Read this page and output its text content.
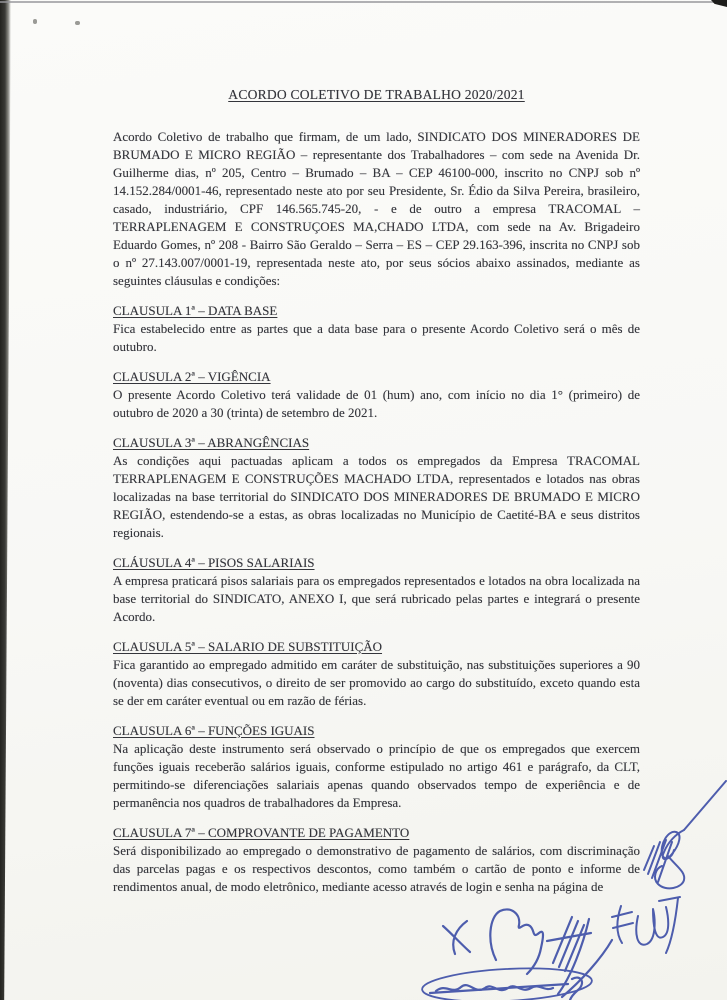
ACORDO COLETIVO DE TRABALHO 2020/2021

Acordo Coletivo de trabalho que firmam, de um lado, SINDICATO DOS MINERADORES DE BRUMADO E MICRO REGIÃO – representante dos Trabalhadores – com sede na Avenida Dr. Guilherme dias, nº 205, Centro – Brumado – BA – CEP 46100-000, inscrito no CNPJ sob nº 14.152.284/0001-46, representado neste ato por seu Presidente, Sr. Édio da Silva Pereira, brasileiro, casado, industriário, CPF 146.565.745-20, - e de outro a empresa TRACOMAL – TERRAPLENAGEM E CONSTRUÇOES MA,CHADO LTDA, com sede na Av. Brigadeiro Eduardo Gomes, nº 208 - Bairro São Geraldo – Serra – ES – CEP 29.163-396, inscrita no CNPJ sob o nº 27.143.007/0001-19, representada neste ato, por seus sócios abaixo assinados, mediante as seguintes cláusulas e condições:

CLAUSULA 1ª – DATA BASE

Fica estabelecido entre as partes que a data base para o presente Acordo Coletivo será o mês de outubro.

CLAUSULA 2ª – VIGÊNCIA

O presente Acordo Coletivo terá validade de 01 (hum) ano, com início no dia 1° (primeiro) de outubro de 2020 a 30 (trinta) de setembro de 2021.

CLAUSULA 3ª – ABRANGÊNCIAS

As condições aqui pactuadas aplicam a todos os empregados da Empresa TRACOMAL TERRAPLENAGEM E CONSTRUÇÕES MACHADO LTDA, representados e lotados nas obras localizadas na base territorial do SINDICATO DOS MINERADORES DE BRUMADO E MICRO REGIÃO, estendendo-se a estas, as obras localizadas no Município de Caetité-BA e seus distritos regionais.

CLÁUSULA 4ª – PISOS SALARIAIS

A empresa praticará pisos salariais para os empregados representados e lotados na obra localizada na base territorial do SINDICATO, ANEXO I, que será rubricado pelas partes e integrará o presente Acordo.

CLAUSULA 5ª – SALARIO DE SUBSTITUIÇÃO

Fica garantido ao empregado admitido em caráter de substituição, nas substituições superiores a 90 (noventa) dias consecutivos, o direito de ser promovido ao cargo do substituído, exceto quando esta se der em caráter eventual ou em razão de férias.

CLAUSULA 6ª – FUNÇÕES IGUAIS

Na aplicação deste instrumento será observado o princípio de que os empregados que exercem funções iguais receberão salários iguais, conforme estipulado no artigo 461 e parágrafo, da CLT, permitindo-se diferenciações salariais apenas quando observados tempo de experiência e de permanência nos quadros de trabalhadores da Empresa.

CLAUSULA 7ª – COMPROVANTE DE PAGAMENTO

Será disponibilizado ao empregado o demonstrativo de pagamento de salários, com discriminação das parcelas pagas e os respectivos descontos, como também o cartão de ponto e informe de rendimentos anual, de modo eletrônico, mediante acesso através de login e senha na página de
